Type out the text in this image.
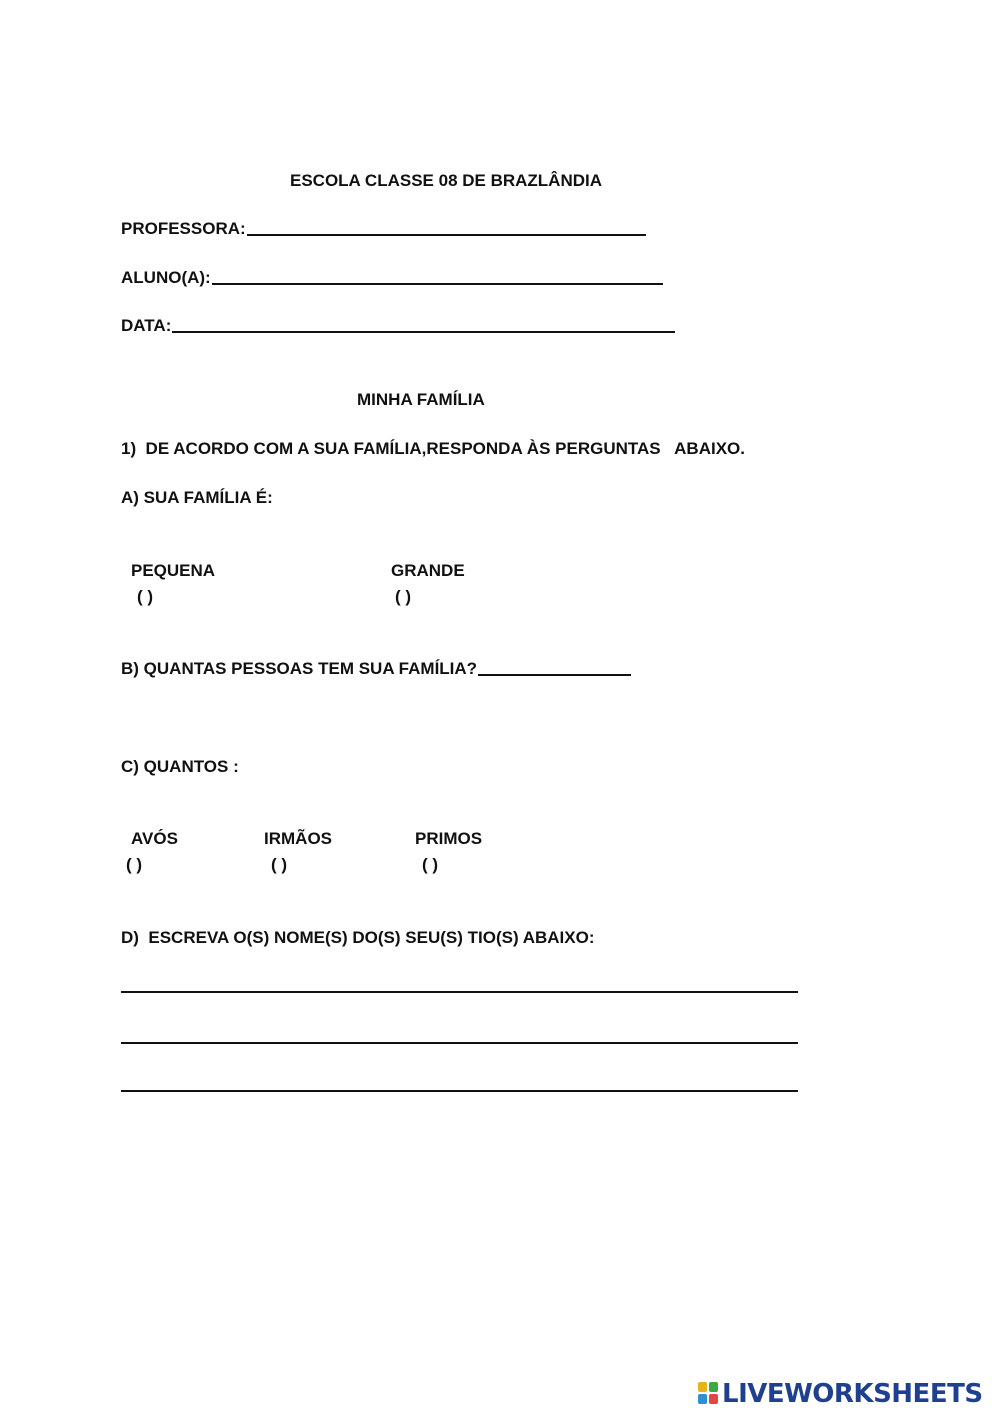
ESCOLA CLASSE 08 DE BRAZLÂNDIA
PROFESSORA:
ALUNO(A):
DATA:
MINHA FAMÍLIA
1)  DE ACORDO COM A SUA FAMÍLIA,RESPONDA ÀS PERGUNTAS   ABAIXO.
A) SUA FAMÍLIA É:
PEQUENA
( )
GRANDE
( )
B) QUANTAS PESSOAS TEM SUA FAMÍLIA?
C) QUANTOS :
AVÓS
( )
IRMÃOS
( )
PRIMOS
( )
D)  ESCREVA O(S) NOME(S) DO(S) SEU(S) TIO(S) ABAIXO:
LIVEWORKSHEETS
